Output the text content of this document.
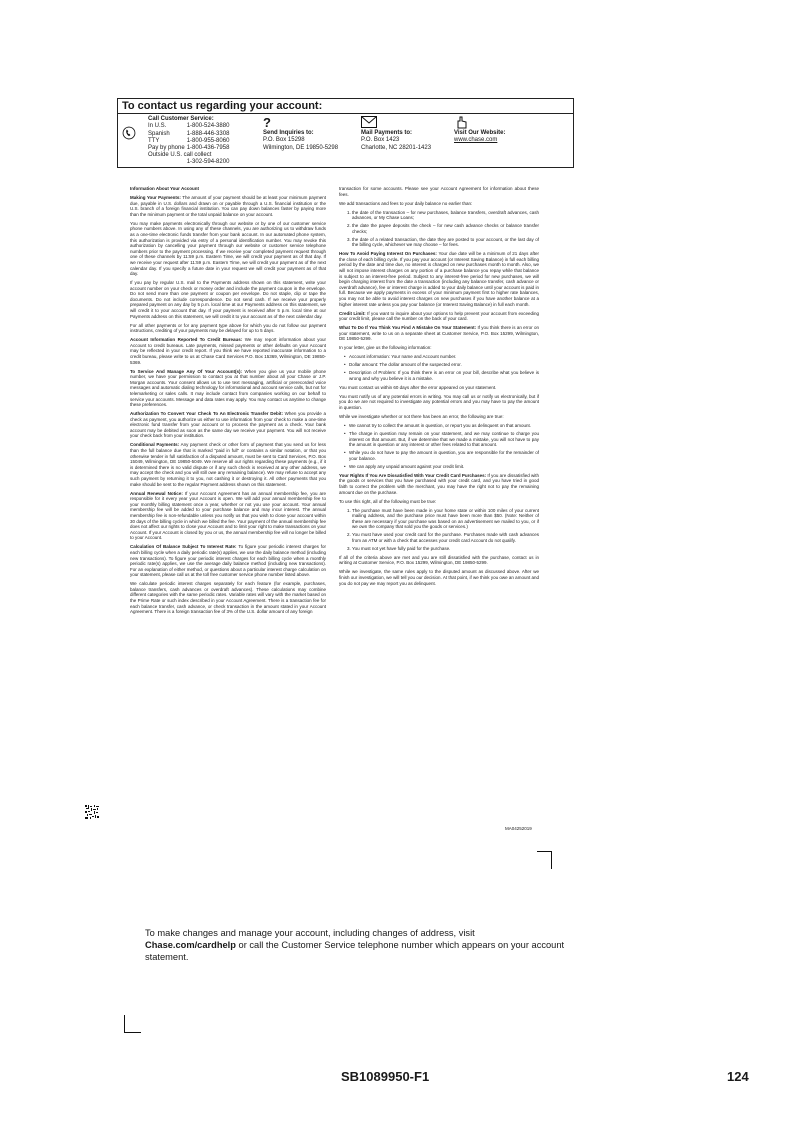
To contact us regarding your account:
Call Customer Service:
In U.S.	1-800-524-3880
Spanish	1-888-446-3308
TTY	1-800-955-8060
Pay by phone	1-800-436-7958
Outside U.S. call collect	
	1-302-594-8200
?
Send Inquiries to:
P.O. Box 15298
Wilmington, DE 19850-5298
Mail Payments to:
P.O. Box 1423
Charlotte, NC 28201-1423
Visit Our Website:
www.chase.com

Information About Your Account

Making Your Payments: The amount of your payment should be at least your minimum payment due, payable in U.S. dollars and drawn on or payable through a U.S. financial institution or the U.S. branch of a foreign financial institution. You can pay down balances faster by paying more than the minimum payment or the total unpaid balance on your account.

You may make payments electronically through our website or by one of our customer service phone numbers above. In using any of these channels, you are authorizing us to withdraw funds as a one-time electronic funds transfer from your bank account. In our automated phone system, this authorization is provided via entry of a personal identification number. You may revoke this authorization by cancelling your payment through our website or customer service telephone numbers prior to the payment processing. If we receive your completed payment request through one of these channels by 11:59 p.m. Eastern Time, we will credit your payment as of that day. If we receive your request after 11:59 p.m. Eastern Time, we will credit your payment as of the next calendar day. If you specify a future date in your request we will credit your payment as of that day.

If you pay by regular U.S. mail to the Payments address shown on this statement, write your account number on your check or money order and include the payment coupon in the envelope. Do not send more than one payment or coupon per envelope. Do not staple, clip or tape the documents. Do not include correspondence. Do not send cash. If we receive your properly prepared payment on any day by 5 p.m. local time at our Payments address on this statement, we will credit it to your account that day. If your payment is received after 5 p.m. local time at our Payments address on this statement, we will credit it to your account as of the next calendar day.

For all other payments or for any payment type above for which you do not follow our payment instructions, crediting of your payments may be delayed for up to 5 days.

Account Information Reported To Credit Bureaus: We may report information about your Account to credit bureaus. Late payments, missed payments or other defaults on your Account may be reflected in your credit report. If you think we have reported inaccurate information to a credit bureau, please write to us at Chase Card Services P.O. Box 15369, Wilmington, DE 19850-5369.

To Service And Manage Any Of Your Account(s): When you give us your mobile phone number, we have your permission to contact you at that number about all your Chase or J.P. Morgan accounts. Your consent allows us to use text messaging, artificial or prerecorded voice messages and automatic dialing technology for informational and account service calls, but not for telemarketing or sales calls. It may include contact from companies working on our behalf to service your accounts. Message and data rates may apply. You may contact us anytime to change these preferences.

Authorization To Convert Your Check To An Electronic Transfer Debit: When you provide a check as payment, you authorize us either to use information from your check to make a one-time electronic fund transfer from your account or to process the payment as a check. Your bank account may be debited as soon as the same day we receive your payment. You will not receive your check back from your institution.

Conditional Payments: Any payment check or other form of payment that you send us for less than the full balance due that is marked "paid in full" or contains a similar notation, or that you otherwise tender in full satisfaction of a disputed amount, must be sent to Card Services, P.O. Box 15049, Wilmington, DE 19850-5049. We reserve all our rights regarding these payments (e.g., if it is determined there is no valid dispute or if any such check is received at any other address, we may accept the check and you will still owe any remaining balance). We may refuse to accept any such payment by returning it to you, not cashing it or destroying it. All other payments that you make should be sent to the regular Payment address shown on this statement.

Annual Renewal Notice: If your Account Agreement has an annual membership fee, you are responsible for it every year your Account is open. We will add your annual membership fee to your monthly billing statement once a year, whether or not you use your account. Your annual membership fee will be added to your purchase balance and may incur interest. The annual membership fee is non-refundable unless you notify us that you wish to close your account within 30 days of the billing cycle in which we billed the fee. Your payment of the annual membership fee does not affect our rights to close your Account and to limit your right to make transactions on your Account. If your Account is closed by you or us, the annual membership fee will no longer be billed to your Account.

Calculation Of Balance Subject To Interest Rate: To figure your periodic interest charges for each billing cycle when a daily periodic rate(s) applies, we use the daily balance method (including new transactions). To figure your periodic interest charges for each billing cycle when a monthly periodic rate(s) applies, we use the average daily balance method (including new transactions). For an explanation of either method, or questions about a particular interest charge calculation on your statement, please call us at the toll free customer service phone number listed above.

We calculate periodic interest charges separately for each feature (for example, purchases, balance transfers, cash advances or overdraft advances). These calculations may combine different categories with the same periodic rates. Variable rates will vary with the market based on the Prime Rate or such index described in your Account Agreement. There is a transaction fee for each balance transfer, cash advance, or check transaction in the amount stated in your Account Agreement. There is a foreign transaction fee of 3% of the U.S. dollar amount of any foreign

transaction for some accounts. Please see your Account Agreement for information about these fees.

We add transactions and fees to your daily balance no earlier than:

1. the date of the transaction – for new purchases, balance transfers, overdraft advances, cash advances, or My Chase Loans;
2. the date the payee deposits the check – for new cash advance checks or balance transfer checks;
3. the date of a related transaction, the date they are posted to your account, or the last day of the billing cycle, whichever we may choose – for fees.

How To Avoid Paying Interest On Purchases: Your due date will be a minimum of 21 days after the close of each billing cycle. If you pay your account (or Interest Saving Balance) in full each billing period by the date and time due, no interest is charged on new purchases month to month. Also, we will not impose interest charges on any portion of a purchase balance you repay while that balance is subject to an interest-free period. Subject to any interest-free period for new purchases, we will begin charging interest from the date a transaction (including any balance transfer, cash advance or overdraft advance), fee or interest charge is added to your daily balance until your account is paid in full. Because we apply payments in excess of your minimum payment first to higher rate balances, you may not be able to avoid interest charges on new purchases if you have another balance at a higher interest rate unless you pay your balance (or Interest Saving Balance) in full each month.

Credit Limit: If you want to inquire about your options to help prevent your account from exceeding your credit limit, please call the number on the back of your card.

What To Do If You Think You Find A Mistake On Your Statement: If you think there is an error on your statement, write to us on a separate sheet at Customer Service, P.O. Box 15299, Wilmington, DE 19850-5299.

In your letter, give us the following information:

• Account information: Your name and Account number.
• Dollar amount: The dollar amount of the suspected error.
• Description of Problem: If you think there is an error on your bill, describe what you believe is wrong and why you believe it is a mistake.

You must contact us within 60 days after the error appeared on your statement.

You must notify us of any potential errors in writing. You may call us or notify us electronically, but if you do we are not required to investigate any potential errors and you may have to pay the amount in question.

While we investigate whether or not there has been an error, the following are true:

• We cannot try to collect the amount in question, or report you as delinquent on that amount.
• The charge in question may remain on your statement, and we may continue to charge you interest on that amount. But, if we determine that we made a mistake, you will not have to pay the amount in question or any interest or other fees related to that amount.
• While you do not have to pay the amount in question, you are responsible for the remainder of your balance.
• We can apply any unpaid amount against your credit limit.

Your Rights If You Are Dissatisfied With Your Credit Card Purchases: If you are dissatisfied with the goods or services that you have purchased with your credit card, and you have tried in good faith to correct the problem with the merchant, you may have the right not to pay the remaining amount due on the purchase.

To use this right, all of the following must be true:

1. The purchase must have been made in your home state or within 100 miles of your current mailing address, and the purchase price must have been more than $50. (Note: Neither of these are necessary if your purchase was based on an advertisement we mailed to you, or if we own the company that sold you the goods or services.)
2. You must have used your credit card for the purchase. Purchases made with cash advances from an ATM or with a check that accesses your credit card Account do not qualify.
3. You must not yet have fully paid for the purchase.

If all of the criteria above are met and you are still dissatisfied with the purchase, contact us in writing at Customer Service, P.O. Box 15299, Wilmington, DE 19850-5299.

While we investigate, the same rules apply to the disputed amount as discussed above. After we finish our investigation, we will tell you our decision. At that point, if we think you owe an amount and you do not pay we may report you as delinquent.

MA04252019
To make changes and manage your account, including changes of address, visit Chase.com/cardhelp or call the Customer Service telephone number which appears on your account statement.
SB1089950-F1	124
